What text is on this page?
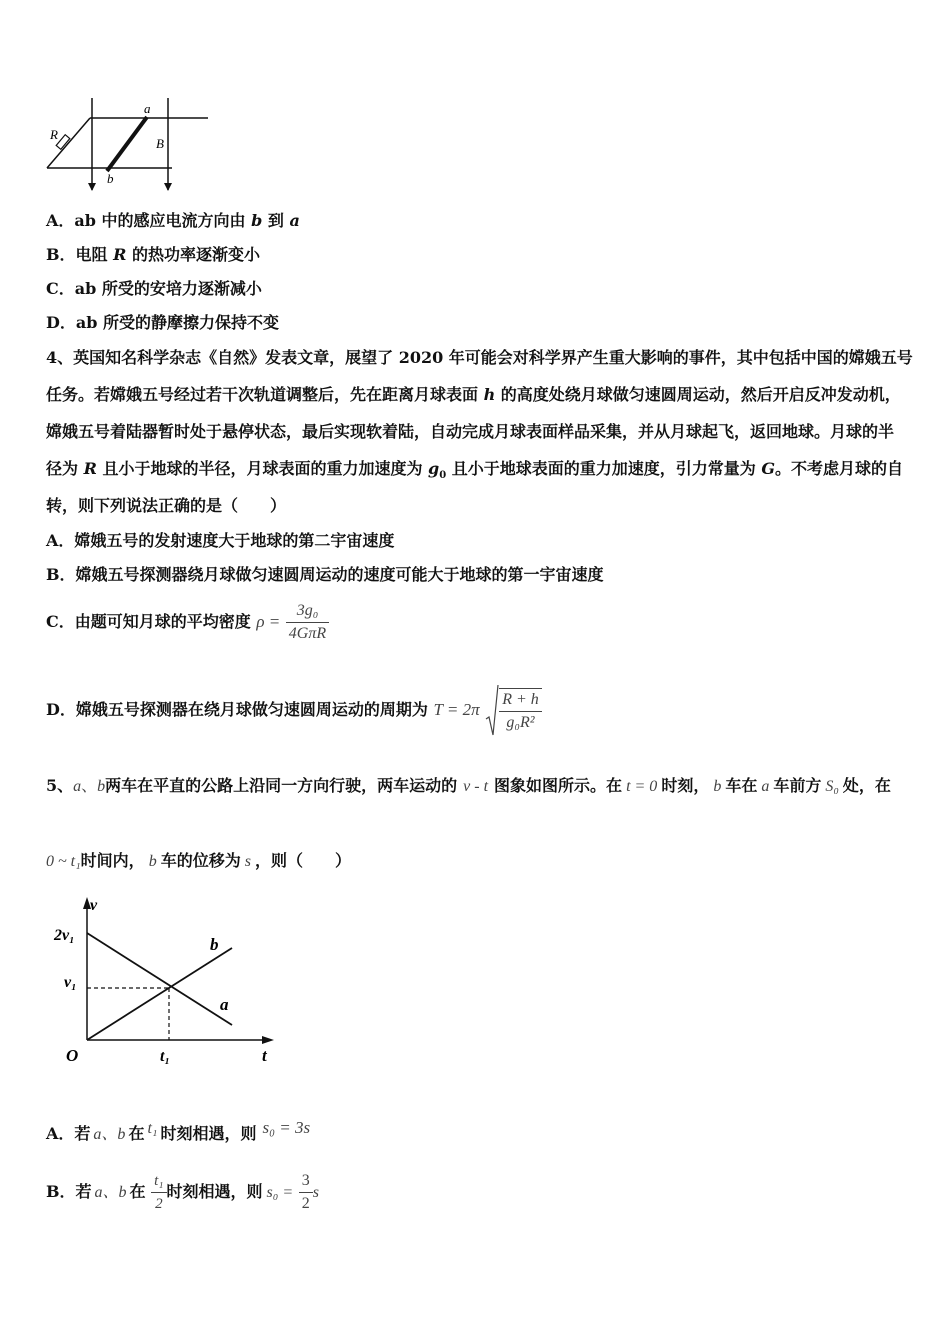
R
a
B
b
A．ab 中的感应电流方向由 b 到 a
B．电阻 R 的热功率逐渐变小
C．ab 所受的安培力逐渐减小
D．ab 所受的静摩擦力保持不变
4、英国知名科学杂志《自然》发表文章，展望了 2020 年可能会对科学界产生重大影响的事件，其中包括中国的嫦娥五号
任务。若嫦娥五号经过若干次轨道调整后，先在距离月球表面 h 的高度处绕月球做匀速圆周运动，然后开启反冲发动机，
嫦娥五号着陆器暂时处于悬停状态，最后实现软着陆，自动完成月球表面样品采集，并从月球起飞，返回地球。月球的半
径为 R 且小于地球的半径，月球表面的重力加速度为 $g_0$ 且小于地球表面的重力加速度，引力常量为 G。不考虑月球的自
转，则下列说法正确的是（　　）
A．嫦娥五号的发射速度大于地球的第二宇宙速度
B．嫦娥五号探测器绕月球做匀速圆周运动的速度可能大于地球的第一宇宙速度
C．由题可知月球的平均密度 $\rho = \frac{\text{3g₀}}{\text{4GπR}}$
D．嫦娥五号探测器在绕月球做匀速圆周运动的周期为 $T = 2\pi \frac{R + h}{\text{g₀R²}}$
5、a、b两车在平直的公路上沿同一方向行驶，两车运动的 v - t 图象如图所示。在 t = 0 时刻， b 车在 a 车前方 S₀ 处，在
0 ~ t₁时间内， b 车的位移为 s ，则（　　）
v
2v₁
v₁
O	t₁	t
b
a
A．若 a、b 在 t₁ 时刻相遇，则 s₀ = 3s
B．若 a、b 在 $\frac{\text{t₁}}{2}$ 时刻相遇，则 $s_0 = \frac{3}{2}$ s
